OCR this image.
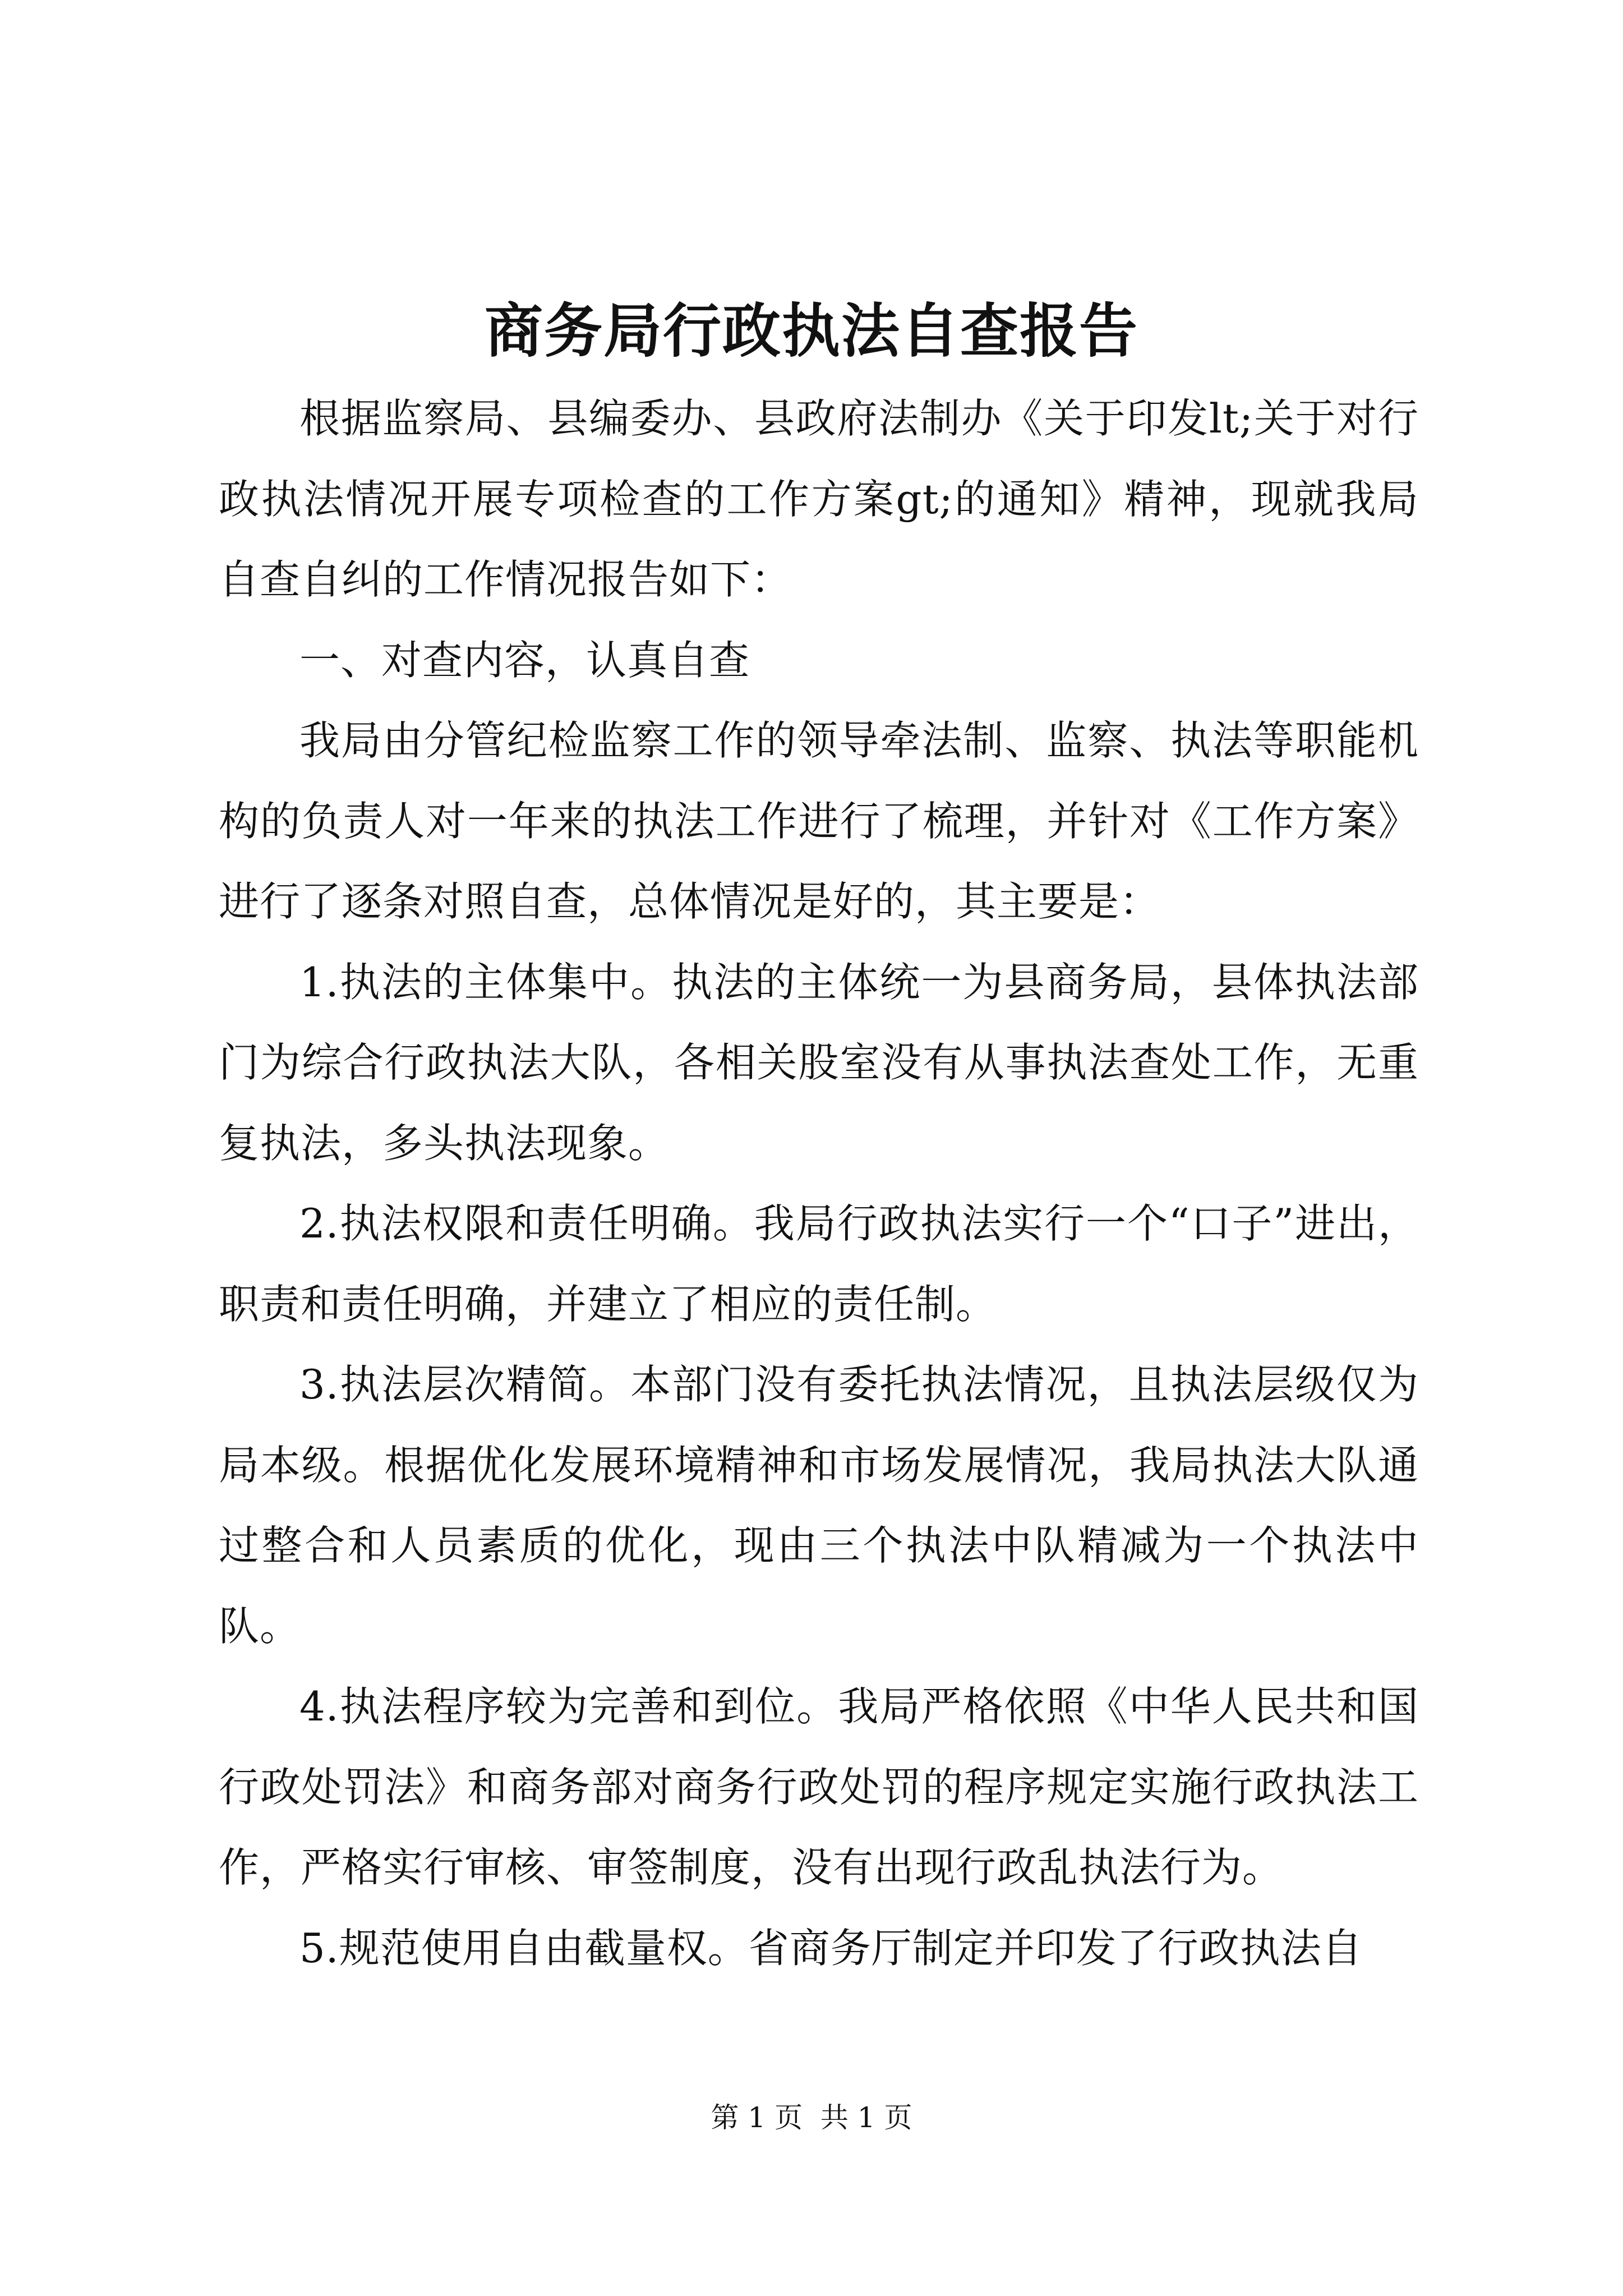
商务局行政执法自查报告

根据监察局、县编委办、县政府法制办《关于印发lt;关于对行政执法情况开展专项检查的工作方案gt;的通知》精神，现就我局自查自纠的工作情况报告如下：

一、对查内容，认真自查

我局由分管纪检监察工作的领导牵法制、监察、执法等职能机构的负责人对一年来的执法工作进行了梳理，并针对《工作方案》进行了逐条对照自查，总体情况是好的，其主要是：

1.执法的主体集中。执法的主体统一为县商务局，县体执法部门为综合行政执法大队，各相关股室没有从事执法查处工作，无重复执法，多头执法现象。

2.执法权限和责任明确。我局行政执法实行一个“口子”进出，职责和责任明确，并建立了相应的责任制。

3.执法层次精简。本部门没有委托执法情况，且执法层级仅为局本级。根据优化发展环境精神和市场发展情况，我局执法大队通过整合和人员素质的优化，现由三个执法中队精减为一个执法中队。

4.执法程序较为完善和到位。我局严格依照《中华人民共和国行政处罚法》和商务部对商务行政处罚的程序规定实施行政执法工作，严格实行审核、审签制度，没有出现行政乱执法行为。

5.规范使用自由截量权。省商务厅制定并印发了行政执法自

第 1 页  共 1 页
